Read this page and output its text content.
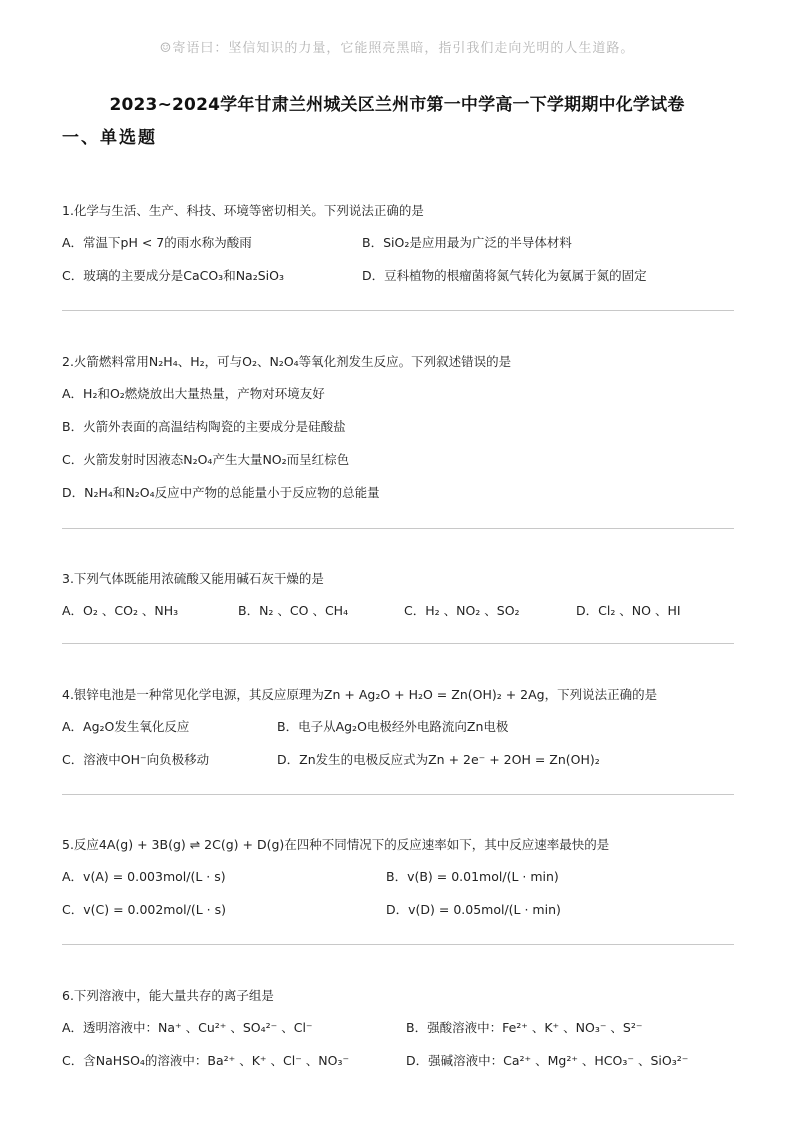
☺寄语曰：坚信知识的力量，它能照亮黑暗，指引我们走向光明的人生道路。
2023~2024学年甘肃兰州城关区兰州市第一中学高一下学期期中化学试卷
一、单选题
1.化学与生活、生产、科技、环境等密切相关。下列说法正确的是
A．常温下pH < 7的雨水称为酸雨	B．SiO₂是应用最为广泛的半导体材料
C．玻璃的主要成分是CaCO₃和Na₂SiO₃	D．豆科植物的根瘤菌将氮气转化为氨属于氮的固定
2.火箭燃料常用N₂H₄、H₂，可与O₂、N₂O₄等氧化剂发生反应。下列叙述错误的是
A．H₂和O₂燃烧放出大量热量，产物对环境友好
B．火箭外表面的高温结构陶瓷的主要成分是硅酸盐
C．火箭发射时因液态N₂O₄产生大量NO₂而呈红棕色
D．N₂H₄和N₂O₄反应中产物的总能量小于反应物的总能量
3.下列气体既能用浓硫酸又能用碱石灰干燥的是
A．O₂ 、CO₂ 、NH₃	B．N₂ 、CO 、CH₄	C．H₂ 、NO₂ 、SO₂	D．Cl₂ 、NO 、HI
4.银锌电池是一种常见化学电源，其反应原理为Zn + Ag₂O + H₂O = Zn(OH)₂ + 2Ag，下列说法正确的是
A．Ag₂O发生氧化反应	B．电子从Ag₂O电极经外电路流向Zn电极
C．溶液中OH⁻向负极移动	D．Zn发生的电极反应式为Zn + 2e⁻ + 2OH = Zn(OH)₂
5.反应4A(g) + 3B(g) ⇌ 2C(g) + D(g)在四种不同情况下的反应速率如下，其中反应速率最快的是
A．v(A) = 0.003mol/(L · s)	B．v(B) = 0.01mol/(L · min)
C．v(C) = 0.002mol/(L · s)	D．v(D) = 0.05mol/(L · min)
6.下列溶液中，能大量共存的离子组是
A．透明溶液中：Na⁺ 、Cu²⁺ 、SO₄²⁻ 、Cl⁻	B．强酸溶液中：Fe²⁺ 、K⁺ 、NO₃⁻ 、S²⁻
C．含NaHSO₄的溶液中：Ba²⁺ 、K⁺ 、Cl⁻ 、NO₃⁻	D．强碱溶液中：Ca²⁺ 、Mg²⁺ 、HCO₃⁻ 、SiO₃²⁻
